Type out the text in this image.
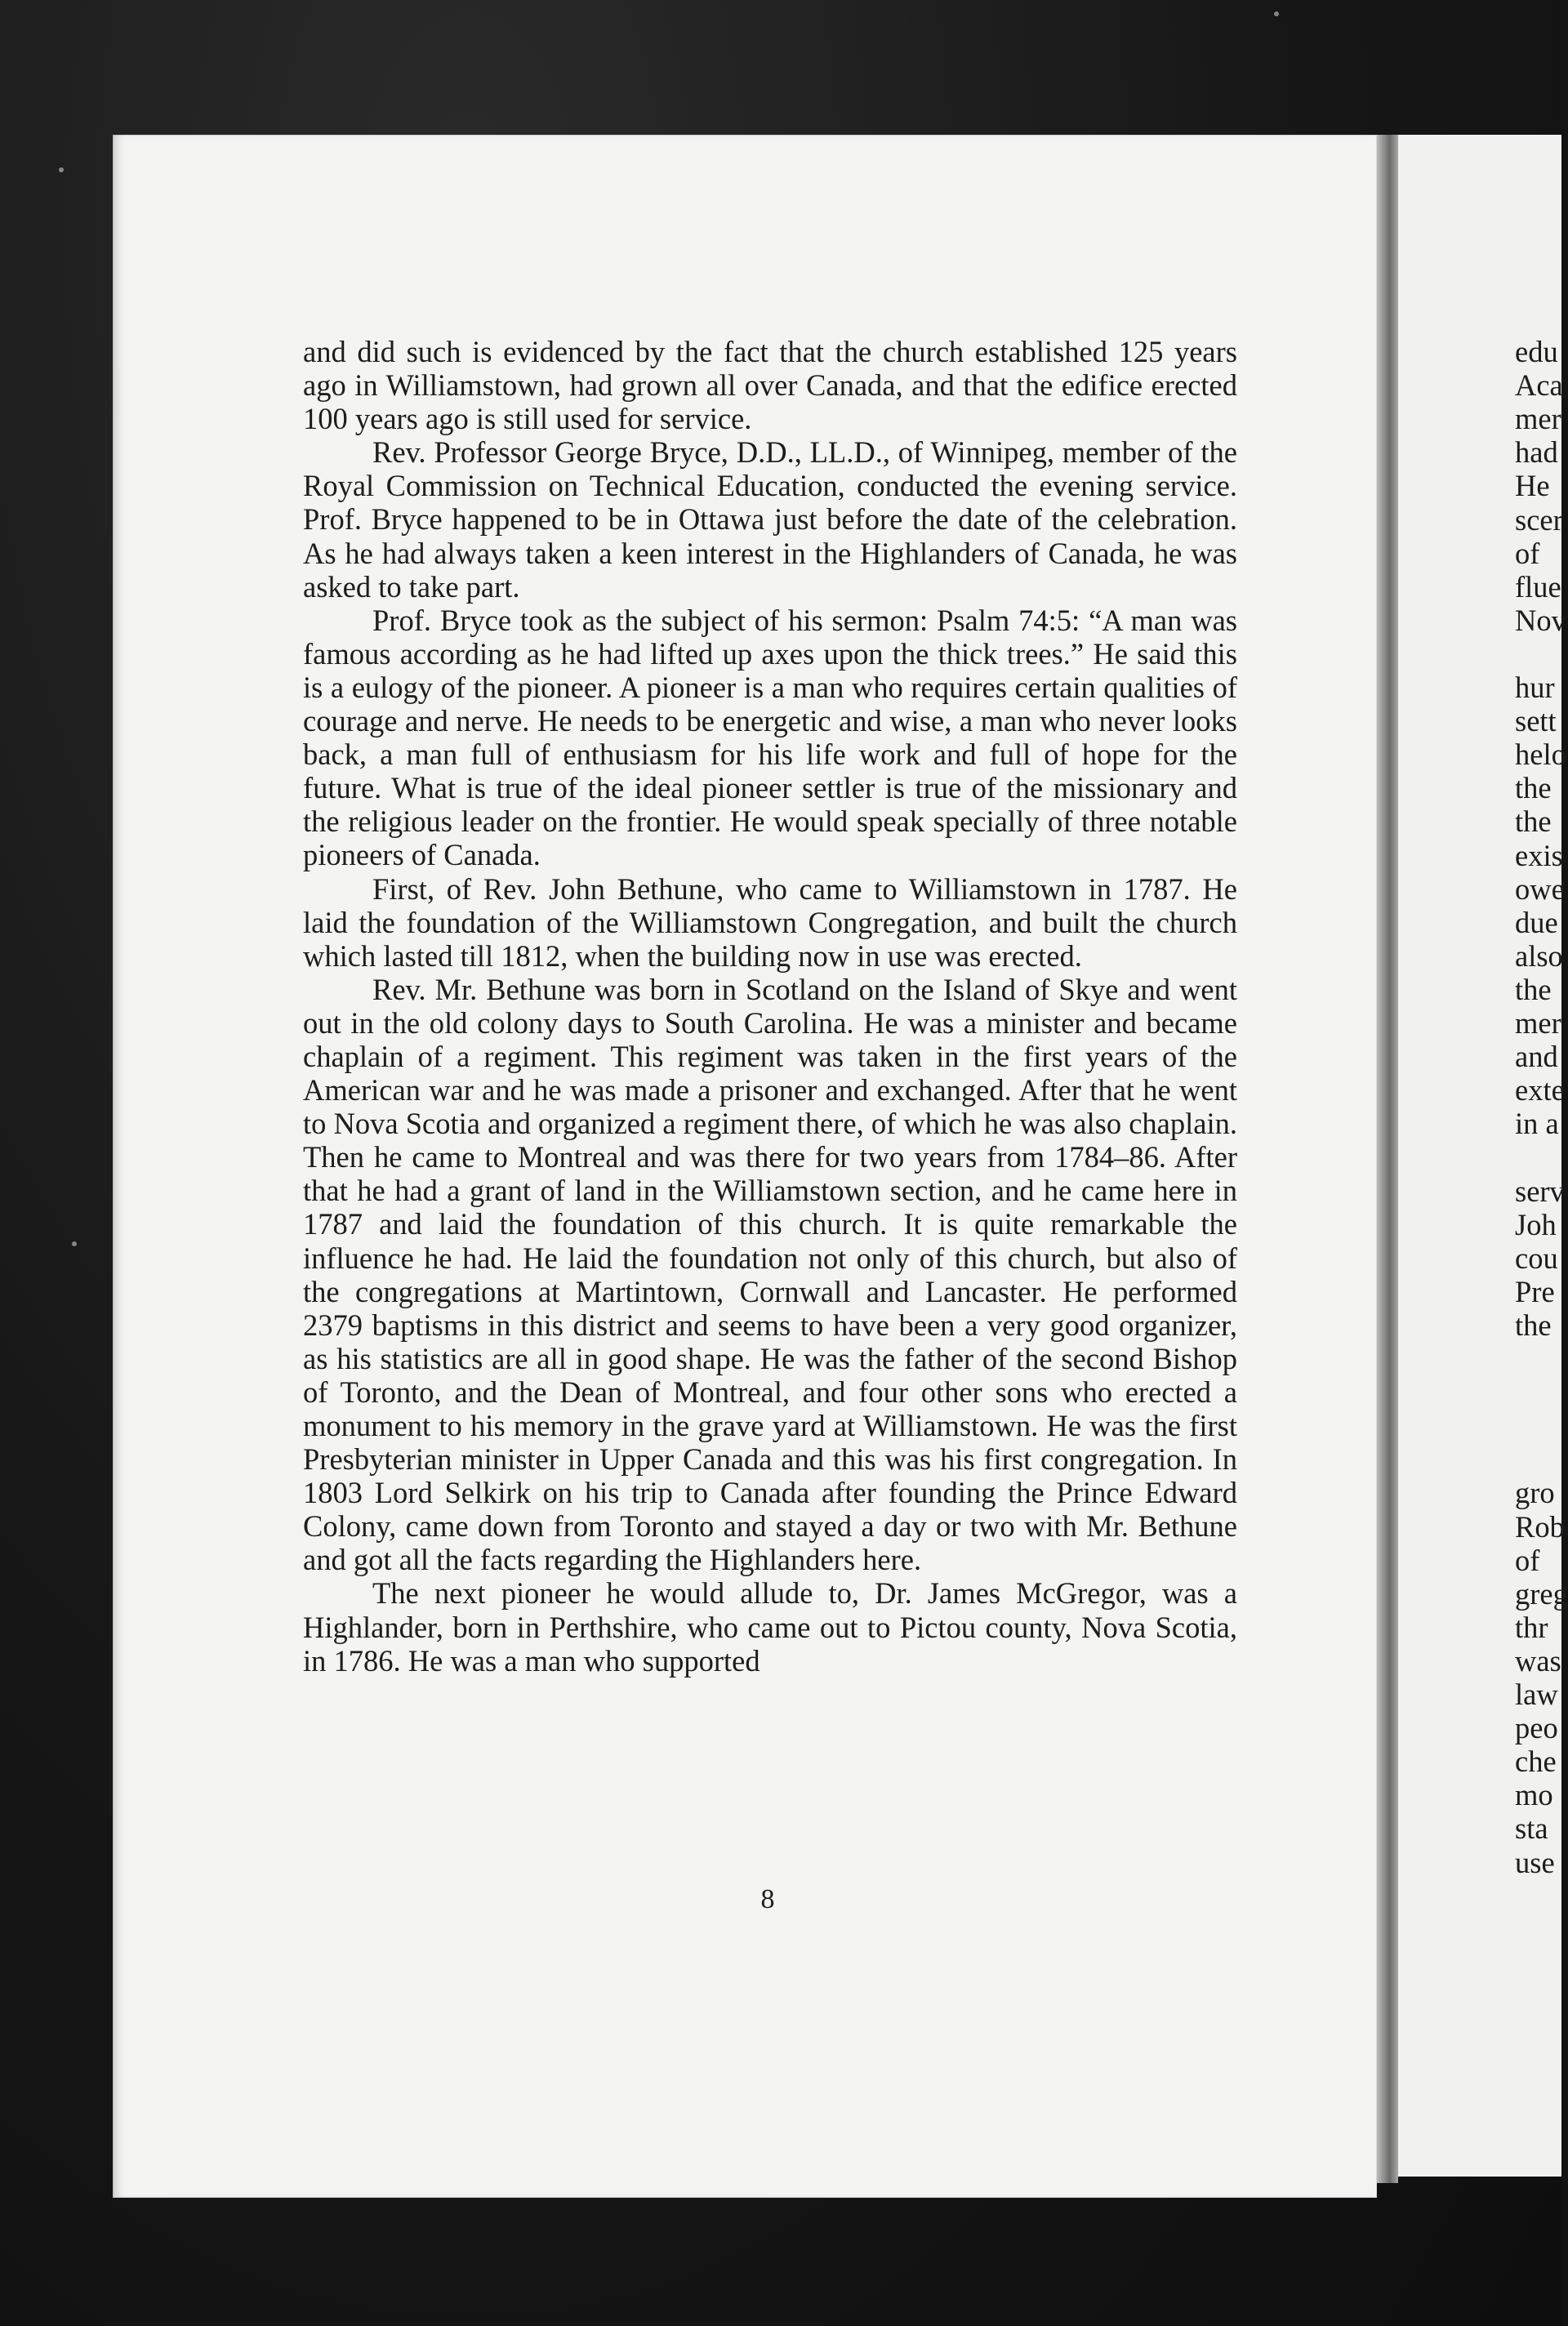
and did such is evidenced by the fact that the church established 125 years ago in Williamstown, had grown all over Canada, and that the edifice erected 100 years ago is still used for service.

Rev. Professor George Bryce, D.D., LL.D., of Winnipeg, member of the Royal Commission on Technical Education, conducted the evening service. Prof. Bryce happened to be in Ottawa just before the date of the celebration. As he had always taken a keen interest in the Highlanders of Canada, he was asked to take part.

Prof. Bryce took as the subject of his sermon: Psalm 74:5: “A man was famous according as he had lifted up axes upon the thick trees.” He said this is a eulogy of the pioneer. A pioneer is a man who requires certain qualities of courage and nerve. He needs to be energetic and wise, a man who never looks back, a man full of enthusiasm for his life work and full of hope for the future. What is true of the ideal pioneer settler is true of the missionary and the religious leader on the frontier. He would speak specially of three notable pioneers of Canada.

First, of Rev. John Bethune, who came to Williamstown in 1787. He laid the foundation of the Williamstown Congregation, and built the church which lasted till 1812, when the building now in use was erected.

Rev. Mr. Bethune was born in Scotland on the Island of Skye and went out in the old colony days to South Carolina. He was a minister and became chaplain of a regiment. This regiment was taken in the first years of the American war and he was made a prisoner and exchanged. After that he went to Nova Scotia and organized a regiment there, of which he was also chaplain. Then he came to Montreal and was there for two years from 1784–86. After that he had a grant of land in the Williamstown section, and he came here in 1787 and laid the foundation of this church. It is quite remarkable the influence he had. He laid the foundation not only of this church, but also of the congregations at Martintown, Cornwall and Lancaster. He performed 2379 baptisms in this district and seems to have been a very good organizer, as his statistics are all in good shape. He was the father of the second Bishop of Toronto, and the Dean of Montreal, and four other sons who erected a monument to his memory in the grave yard at Williamstown. He was the first Presbyterian minister in Upper Canada and this was his first congregation. In 1803 Lord Selkirk on his trip to Canada after founding the Prince Edward Colony, came down from Toronto and stayed a day or two with Mr. Bethune and got all the facts regarding the Highlanders here.

The next pioneer he would allude to, Dr. James McGregor, was a Highlander, born in Perthshire, who came out to Pictou county, Nova Scotia, in 1786. He was a man who supported

8
edu
Aca
mer
had
He
scer
of
flue
Nov
hur
sett
helo
the
the
exis
owe
due
also
the
mer
and
exte
in a
serv
Joh
cou
Pre
the
gro
Rob
of
greg
thr
was
law
peo
che
mo
sta
use
